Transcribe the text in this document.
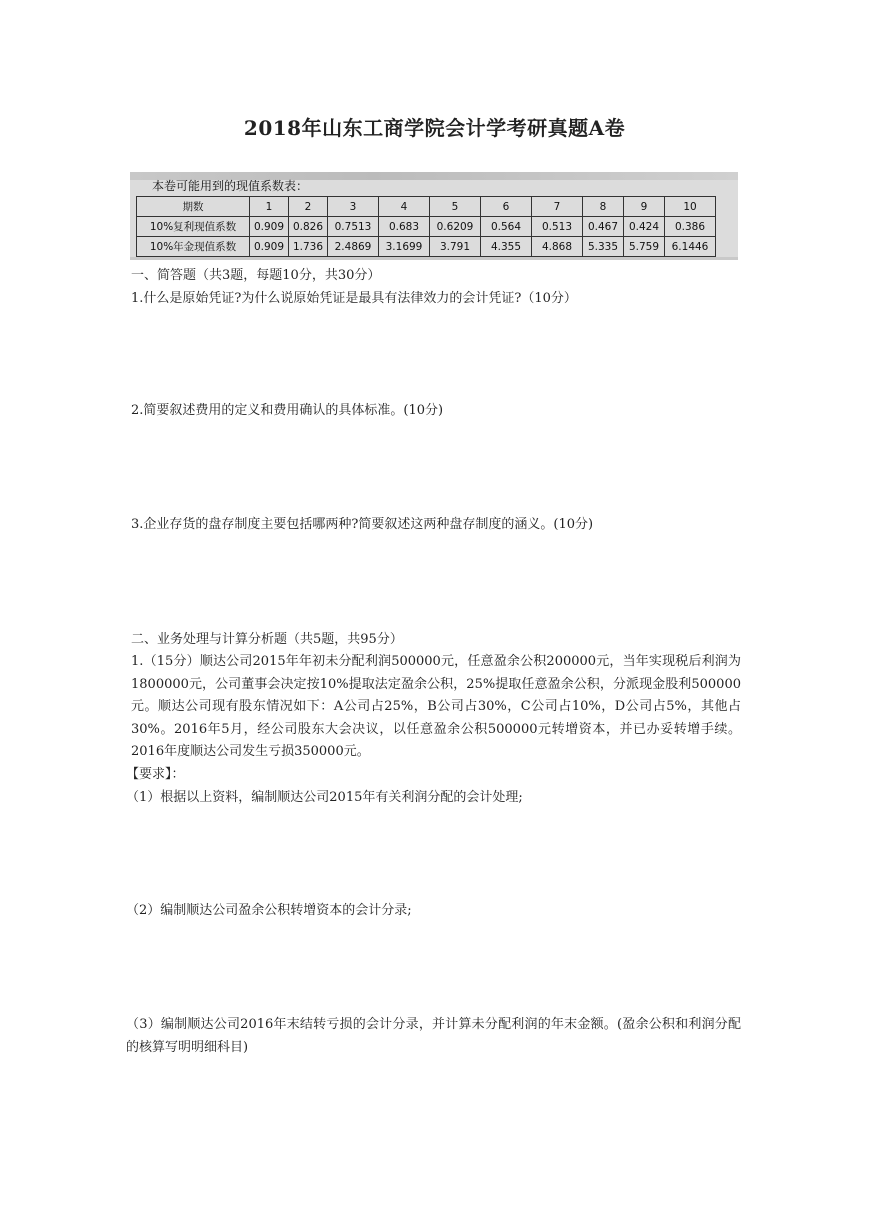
2018年山东工商学院会计学考研真题A卷
本卷可能用到的现值系数表：
期数	1	2	3	4	5	6	7	8	9	10
10%复利现值系数	0.909	0.826	0.7513	0.683	0.6209	0.564	0.513	0.467	0.424	0.386
10%年金现值系数	0.909	1.736	2.4869	3.1699	3.791	4.355	4.868	5.335	5.759	6.1446
一、简答题（共3题，每题10分，共30分）
1.什么是原始凭证?为什么说原始凭证是最具有法律效力的会计凭证?（10分）
2.简要叙述费用的定义和费用确认的具体标准。(10分)
3.企业存货的盘存制度主要包括哪两种?简要叙述这两种盘存制度的涵义。(10分)
二、业务处理与计算分析题（共5题，共95分）
1.（15分）顺达公司2015年年初未分配利润500000元，任意盈余公积200000元，当年实现税后利润为1800000元，公司董事会决定按10%提取法定盈余公积，25%提取任意盈余公积，分派现金股利500000元。顺达公司现有股东情况如下：A公司占25%，B公司占30%，C公司占10%，D公司占5%，其他占30%。2016年5月，经公司股东大会决议，以任意盈余公积500000元转增资本，并已办妥转增手续。2016年度顺达公司发生亏损350000元。
【要求】：
（1）根据以上资料，编制顺达公司2015年有关利润分配的会计处理;
（2）编制顺达公司盈余公积转增资本的会计分录;
（3）编制顺达公司2016年末结转亏损的会计分录，并计算未分配利润的年末金额。(盈余公积和利润分配的核算写明明细科目)
